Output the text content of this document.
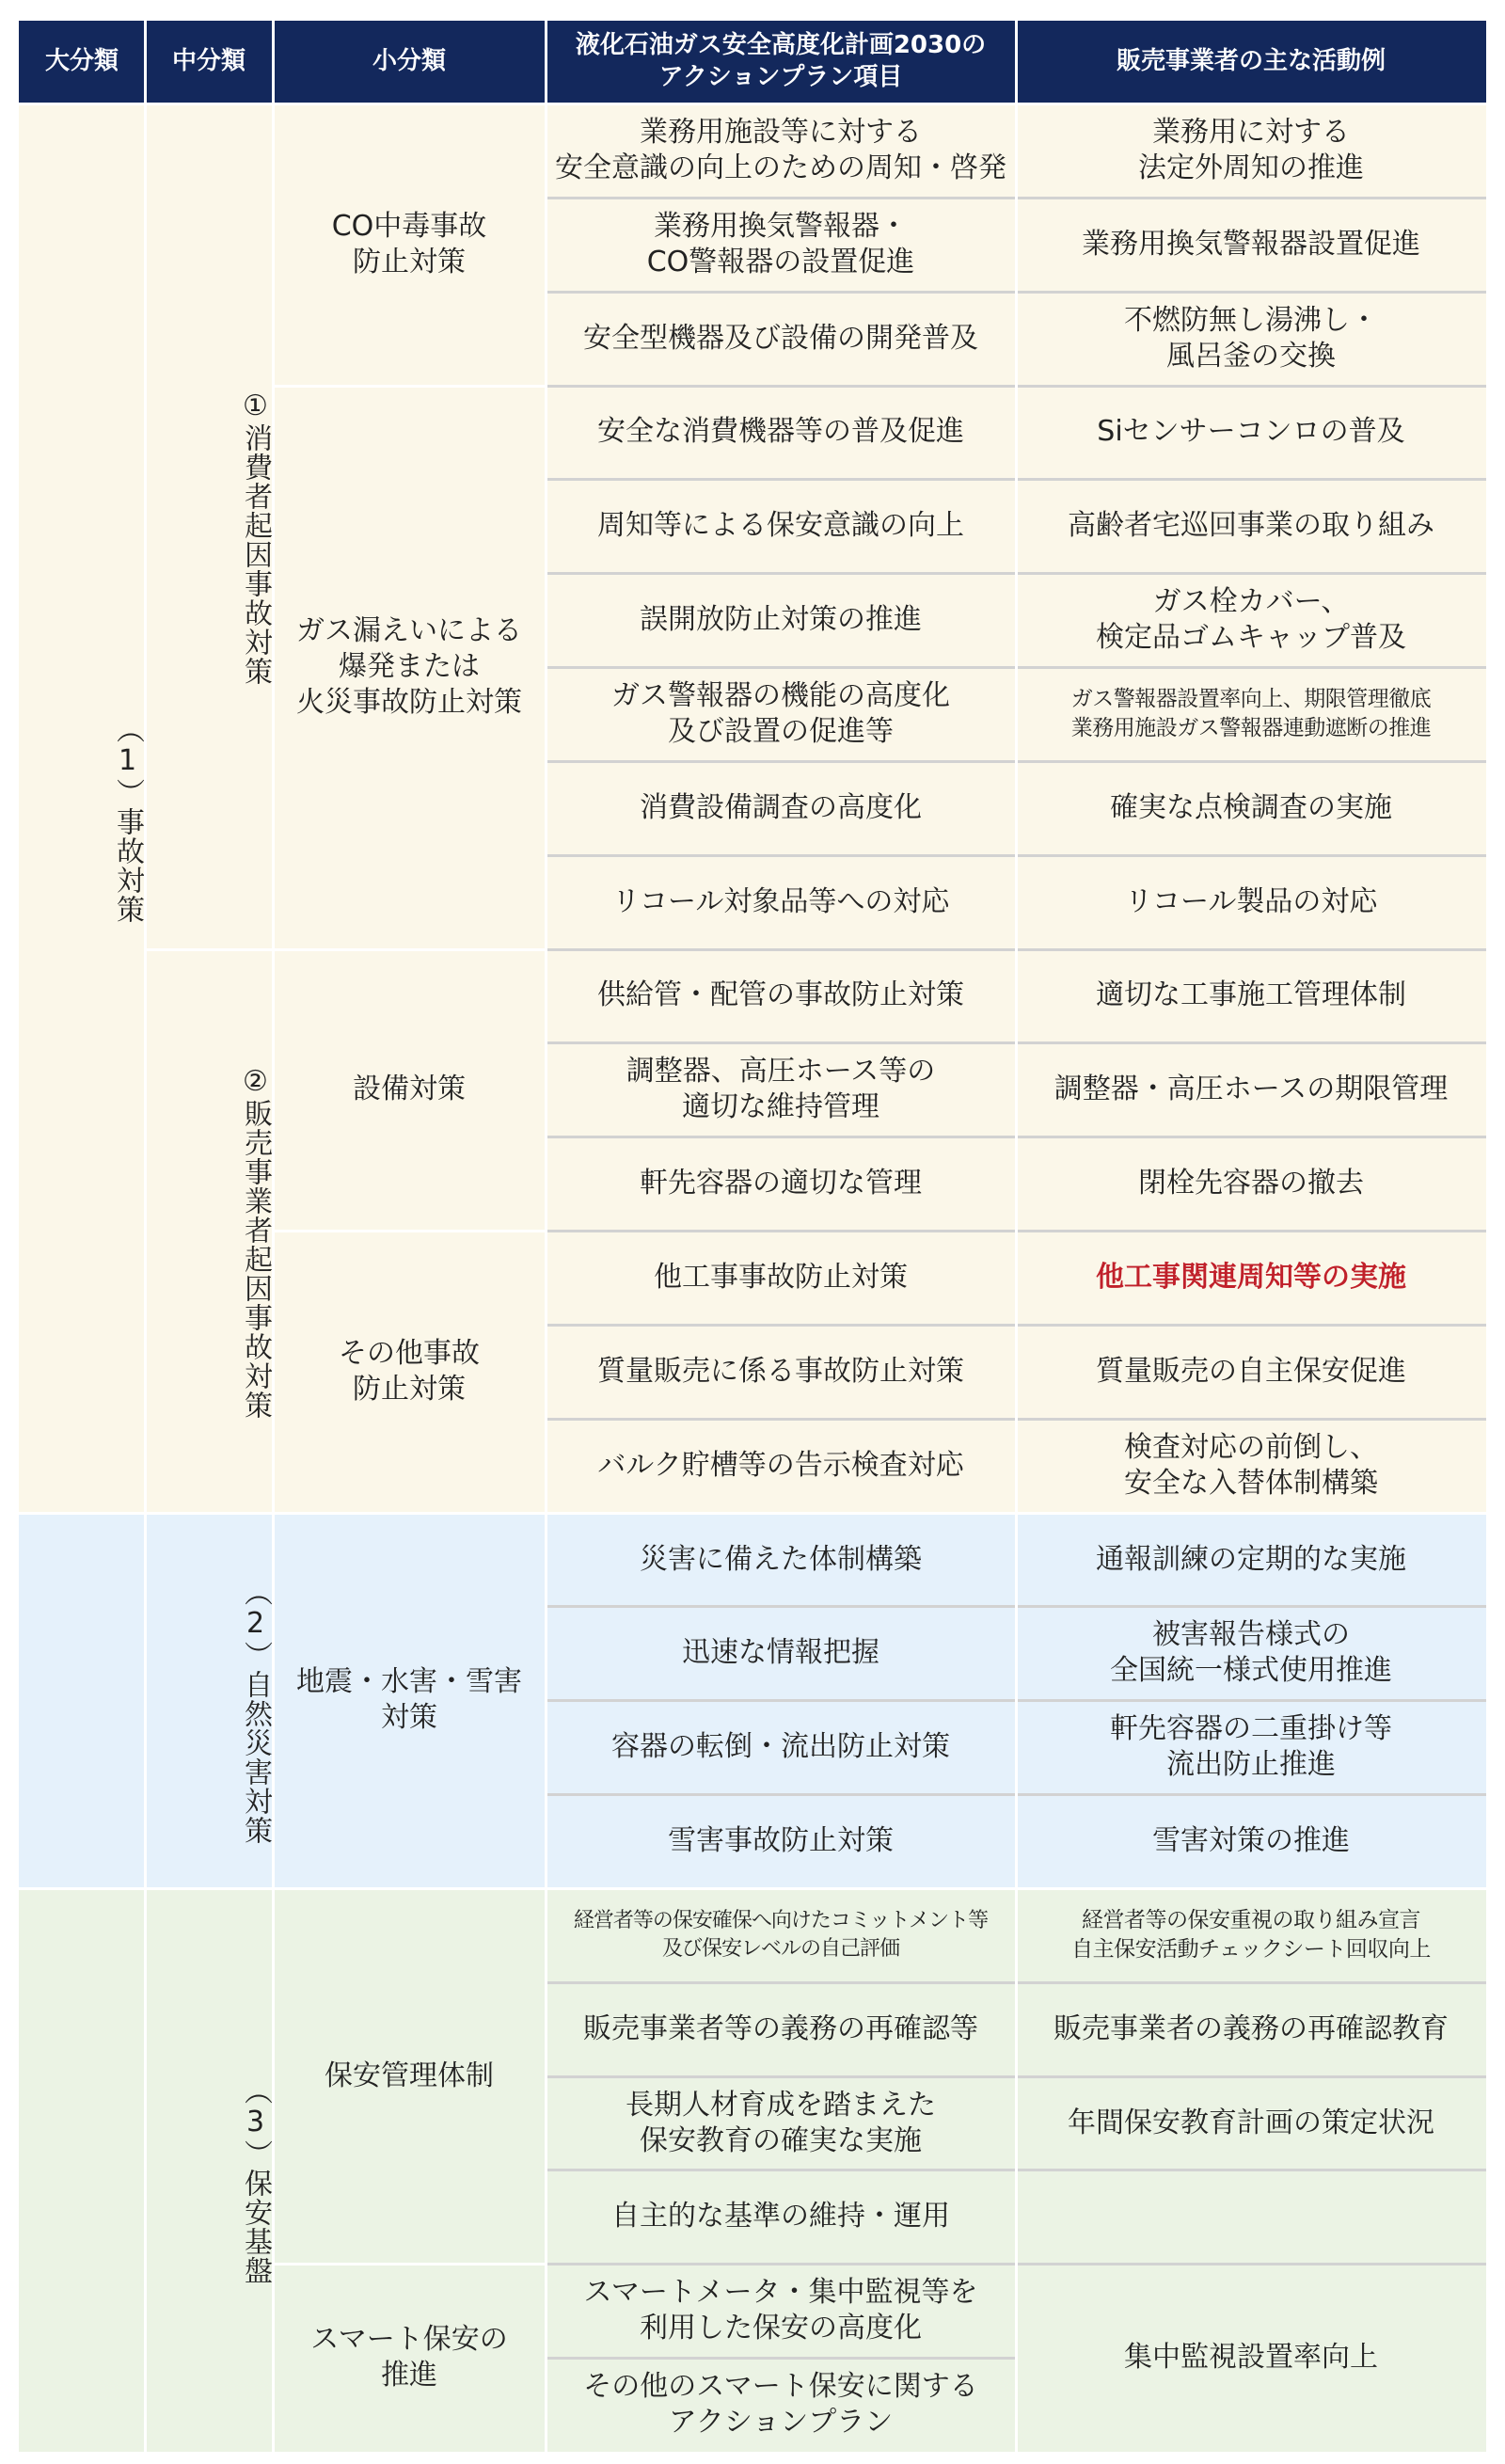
大分類	中分類	小分類
液化石油ガス安全高度化計画2030の
アクションプラン項目
販売事業者の主な活動例
（1）事故対策
（2）自然災害対策
（3）保安基盤
①消費者起因事故対策
②販売事業者起因事故対策
CO中毒事故
防止対策
ガス漏えいによる
爆発または
火災事故防止対策
設備対策
その他事故
防止対策
地震・水害・雪害
対策
保安管理体制
スマート保安の
推進
業務用施設等に対する
安全意識の向上のための周知・啓発
業務用換気警報器・
CO警報器の設置促進
安全型機器及び設備の開発普及
安全な消費機器等の普及促進
周知等による保安意識の向上
誤開放防止対策の推進
ガス警報器の機能の高度化
及び設置の促進等
消費設備調査の高度化
リコール対象品等への対応
供給管・配管の事故防止対策
調整器、高圧ホース等の
適切な維持管理
軒先容器の適切な管理
他工事事故防止対策
質量販売に係る事故防止対策
バルク貯槽等の告示検査対応
災害に備えた体制構築
迅速な情報把握
容器の転倒・流出防止対策
雪害事故防止対策
経営者等の保安確保へ向けたコミットメント等
及び保安レベルの自己評価
販売事業者等の義務の再確認等
長期人材育成を踏まえた
保安教育の確実な実施
自主的な基準の維持・運用
スマートメータ・集中監視等を
利用した保安の高度化
その他のスマート保安に関する
アクションプラン
業務用に対する
法定外周知の推進
業務用換気警報器設置促進
不燃防無し湯沸し・
風呂釜の交換
Siセンサーコンロの普及
高齢者宅巡回事業の取り組み
ガス栓カバー、
検定品ゴムキャップ普及
ガス警報器設置率向上、期限管理徹底
業務用施設ガス警報器連動遮断の推進
確実な点検調査の実施
リコール製品の対応
適切な工事施工管理体制
調整器・高圧ホースの期限管理
閉栓先容器の撤去
他工事関連周知等の実施
質量販売の自主保安促進
検査対応の前倒し、
安全な入替体制構築
通報訓練の定期的な実施
被害報告様式の
全国統一様式使用推進
軒先容器の二重掛け等
流出防止推進
雪害対策の推進
経営者等の保安重視の取り組み宣言
自主保安活動チェックシート回収向上
販売事業者の義務の再確認教育
年間保安教育計画の策定状況
集中監視設置率向上
